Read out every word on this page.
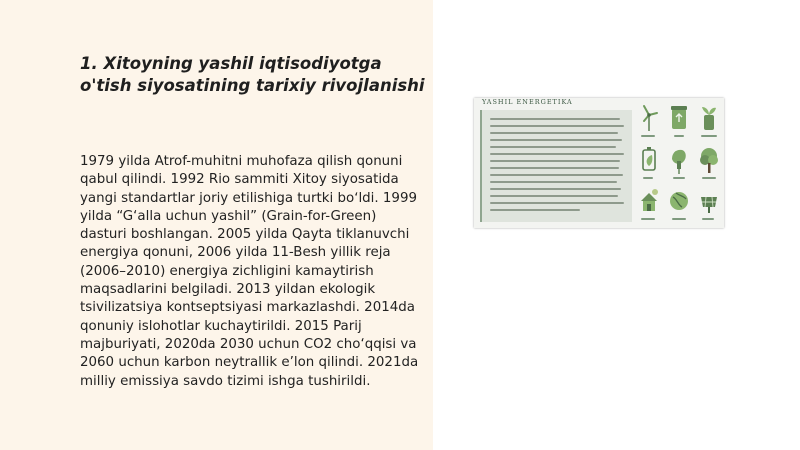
1. Xitoyning yashil iqtisodiyotga o'tish siyosatining tarixiy rivojlanishi
1979 yilda Atrof-muhitni muhofaza qilish qonuni qabul qilindi. 1992 Rio sammiti Xitoy siyosatida yangi standartlar joriy etilishiga turtki boʻldi. 1999 yilda “G‘alla uchun yashil” (Grain-for-Green) dasturi boshlangan. 2005 yilda Qayta tiklanuvchi energiya qonuni, 2006 yilda 11-Besh yillik reja (2006–2010) energiya zichligini kamaytirish maqsadlarini belgiladi. 2013 yildan ekologik tsivilizatsiya kontseptsiyasi markazlashdi. 2014da qonuniy islohotlar kuchaytirildi. 2015 Parij majburiyati, 2020da 2030 uchun CO2 cho‘qqisi va 2060 uchun karbon neytrallik e’lon qilindi. 2021da milliy emissiya savdo tizimi ishga tushirildi.
YASHIL ENERGETIKA
